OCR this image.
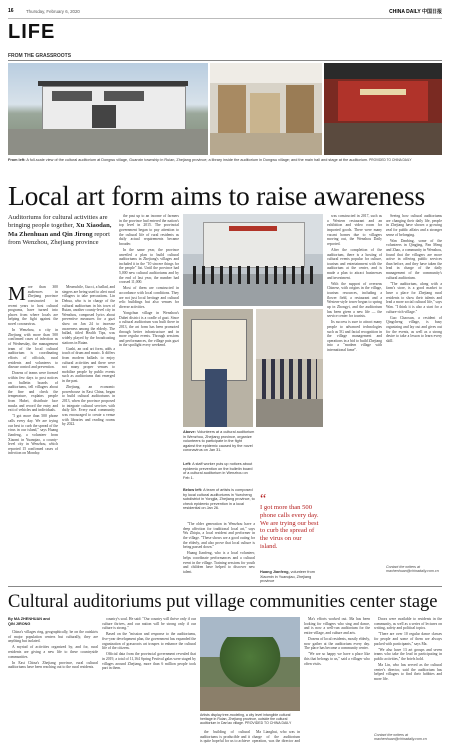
16	Thursday, February 6, 2020	CHINA DAILY 中国日报
LIFE
FROM THE GRASSROOTS
From left: A full-scale view of the cultural auditorium at Dongwu village, Guanxin township in Ruian, Zhejiang province; a library inside the auditorium in Dongwu village; and the main hall and stage at the auditorium. PROVIDED TO CHINA DAILY
Local art form aims to raise awareness
Auditoriums for cultural activities are bringing people together, Xu Xiaodan, Ma Zhenhuan and Qin Jirong report from Wenzhou, Zhejiang province
M ore than 300 audiences in Zhejiang province constructed in recent years to host cultural programs, have turned into places from where locals are helping the fight against the novel coronavirus.

In Wenzhou, a city in Zhejiang with more than 500 confirmed cases of infection as of Wednesday, the management team of the local cultural auditorium is coordinating efforts of officials, rural residents and volunteers to disease control and prevention.

Dozens of teams were formed within few days to post notices on bulletin boards of auditoriums, tell villagers about the fine and check the temperature, explains people from Hubei, distribute face masks and record the entry and exit of vehicles and individuals.

"I got more than 500 phone calls every day. We are trying our best to curb the spread of the virus in our island," says Huang Jianfeng, a volunteer from Xiaomi in Yuanqiao, a county-level city in Wenzhou, which reported 15 confirmed cases of infection on Monday.

Meanwhile, Gucci, a ballad, and singers are being used to alert rural villagers to take precautions. Lin Dehua, who is in charge of the cultural auditorium in his town of Ruian, another county-level city in Wenzhou, composed lyrics about preventive measures for a guzi show on Jan 24 to increase awareness among the elderly. The ballad, titled Health Tips, was widely played by the broadcasting stations in Ruian.

Guzhi, an oral art form, adds a touch of drum and music. It differs from modern ballads to enjoy cultural activities and there were not many proper venues to mobilize people by public events such as auditoriums that emerged in the past.

Zhejiang, an economic powerhouse in East China, began to build cultural auditoriums in 2013, when the province proposed to integrate cultural services with daily life. Every rural community was encouraged to create a venue with libraries and reading rooms by 2022.

the past up to an income of farmers in the province had entered the nation's top level in 2015. The provincial government began to pay attention to the cultural life of rural residents as daily actual requirements became broader.

In the same year, the province unveiled a plan to build cultural auditoriums in Zhejiang's villages and included it in the "10 sincere things for the people" list. Until the province had 5,000 new cultural auditoriums and by the end of last year, the number had crossed 11,000.

Most of them are constructed in accordance with local conditions. They are not just local heritage and cultural relic buildings but also venues for diverse activities.

Yongchun village in Wenzhou's Dubei district is a cradle of guzi. Since a cultural auditorium was built there in 2013, the art form has been promoted through better infrastructure and in more regular events. Through sessions and performances, the village puts guzi in the spotlight every weekend.

Above: Volunteers at a cultural auditorium in Wenzhou, Zhejiang province, organize volunteers to participate in the fight against the epidemic caused by the novel coronavirus on Jan 31.
Left: A staff worker puts up notices about epidemic prevention on the bulletin board of a cultural auditorium in Wenzhou on Feb 1.
Below left: A team of artists is composed by local cultural auditoriums in Yuecheng subdistrict in Yongjia, Zhejiang province, to check epidemic prevention in a local residential on Jan 26.

"The older generation in Wenzhou have a deep affection for traditional local art," says Wu Zhiqiu, a local resident and performer in the village. "These shows are a good outing for the elderly, and also prove that local culture is being passed down."

Huang Jianfeng, who is a local volunteer, helps coordinate performances and a cultural event in the village. Training sessions for youth and children have helped to discover new talent.

“
I got more than 500 phone calls every day. We are trying our best to curb the spread of the virus on our island.
Huang Jianfeng, volunteer from Xiaomin in Yuanqiao, Zhejiang province

was constructed in 2017, such as a Western restaurant and an exhibition and video room for imported goods. There were many vacant homes due to villagers moving out, the Wenzhou Daily reported.

After the completion of the auditorium, there is a hosting of cultural events popular for culture, tourism and entertainment with the auditorium at the center, and is made a plan to attract businesses and investment.

With the support of overseas Chinese, with origins in the village, tourism resources, including a flower field, a restaurant and a Western-style tower began to spring up in Zhongyi, and the auditorium has been given a new life — the service center for tourists.

Its success is sure to attract many people to advanced technologies such as 5G and facial recognition in the village management and operations in a bid to build Zhejiang into a "modern village with international fame".

Seeing how cultural auditoriums are changing their daily life, people in Zhejiang have shown a growing zeal for public affairs and a stronger sense of belonging.

Wan Danbing, some of the volunteers in Qingjing, Pan Meng and Zhao, a community in Wenzhou, found that the villagers are more active in offering public services than before, and they have taken the lead in charge of the daily management of the community's cultural auditorium.

"The auditorium, along with a farm's store, is a good market to have a place for Zhejiang rural residents to show their talents and lead a more social cultural life," says Wan. "I think it is also a start for a culture-rich village."

Guo Chaoxun, a resident of Qingcheng village, is busy organizing and lay out and gives out for the events, as well as a strong desire to take a lesson to learn every skill.

Contact the writers at maxhenhuan@chinadaily.com.cn
Cultural auditoriums put village communities center stage
By MA ZHENHUAN and QIN JIRONG

China's villages ring, geographically, be on the outskirts of major population centers but culturally, they are anything but isolated.

A myriad of activities organized by, and for, rural residents are giving a new life to these countryside communities.

In East China's Zhejiang province, rural cultural auditoriums have been reaching out to the rural residents.

country's soul. He said: "Our country will thrive only if our culture thrives, and our nation will be strong only if our culture is strong."

Based on the "mission and response to the auditoriums, five-year development plan, the government has expanded the organization of grassroots art troupes to enhance the cultural life of the citizens.

Official data from the provincial government revealed that in 2019, a total of 11,164 Spring Festival galas were staged by villages around Zhejiang, more than 6 million people took part in them.

Artists display tree-modeling, a city level intangible cultural heritage in Ruian, Zhejiang province, outside the cultural auditorium in Dan'ao village. PROVIDED TO CHINA DAILY

the building of cultural auditoriums is producible and it is quite hopeful for us to achieve

Ma Lianghui, who was in charge of the auditorium operation, was the director and

Ma's efforts worked out. Ma has been looking for villagers who sing and dance, and is now a well-run auditorium for the entire village, and culture and arts.

Dozens of local residents, mostly elderly, now gather at the auditorium every day. The place has become a community center.

"We are so happy we have a place like this that belongs to us," said a villager who often visits.

Doors were available to residents in the community, as well as a series of lectures on writing, safety and political topics.

"There are over 10 regular dance classes for people and some of them are always packed with participants," says Ma.

"We also have 13 art groups and seven teams who take the lead in participating in public activities," the briefs hold.

Ma Lin, who has served as the cultural center's director, said the auditorium has helped villagers to find their hobbies and more life.

Contact the writers at maxhenhuan@chinadaily.com.cn
